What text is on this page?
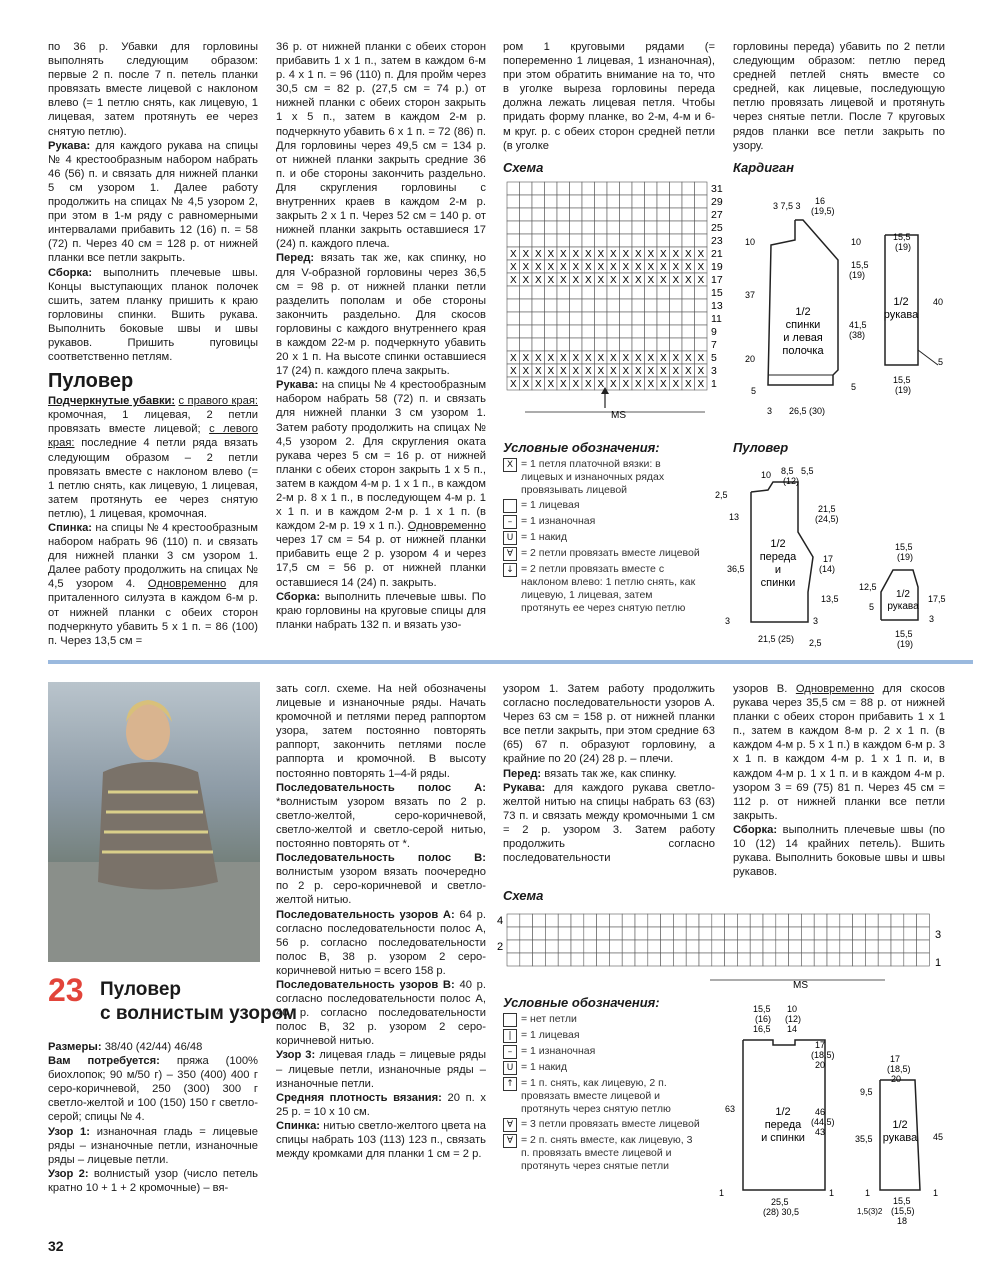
по 36 р. Убавки для горловины выполнять следующим образом: первые 2 п. после 7 п. петель планки провязать вместе лицевой с наклоном влево (= 1 петлю снять, как лицевую, 1 лицевая, затем протянуть ее через снятую петлю).

Рукава: для каждого рукава на спицы № 4 крестообразным набором набрать 46 (56) п. и связать для нижней планки 5 см узором 1. Далее работу продолжить на спицах № 4,5 узором 2, при этом в 1-м ряду с равномерными интервалами прибавить 12 (16) п. = 58 (72) п. Через 40 см = 128 р. от нижней планки все петли закрыть.

Сборка: выполнить плечевые швы. Концы выступающих планок полочек сшить, затем планку пришить к краю горловины спинки. Вшить рукава. Выполнить боковые швы и швы рукавов. Пришить пуговицы соответственно петлям.

Пуловер

Подчеркнутые убавки: с правого края: кромочная, 1 лицевая, 2 петли провязать вместе лицевой; с левого края: последние 4 петли ряда вязать следующим образом – 2 петли провязать вместе с наклоном влево (= 1 петлю снять, как лицевую, 1 лицевая, затем протянуть ее через снятую петлю), 1 лицевая, кромочная.

Спинка: на спицы № 4 крестообразным набором набрать 96 (110) п. и связать для нижней планки 3 см узором 1. Далее работу продолжить на спицах № 4,5 узором 4. Одновременно для приталенного силуэта в каждом 6-м р. от нижней планки с обеих сторон подчеркнуто убавить 5 х 1 п. = 86 (100) п. Через 13,5 см =

36 р. от нижней планки с обеих сторон прибавить 1 х 1 п., затем в каждом 6-м р. 4 х 1 п. = 96 (110) п. Для пройм через 30,5 см = 82 р. (27,5 см = 74 р.) от нижней планки с обеих сторон закрыть 1 х 5 п., затем в каждом 2-м р. подчеркнуто убавить 6 х 1 п. = 72 (86) п. Для горловины через 49,5 см = 134 р. от нижней планки закрыть средние 36 п. и обе стороны закончить раздельно. Для скругления горловины с внутренних краев в каждом 2-м р. закрыть 2 х 1 п. Через 52 см = 140 р. от нижней планки закрыть оставшиеся 17 (24) п. каждого плеча.

Перед: вязать так же, как спинку, но для V-образной горловины через 36,5 см = 98 р. от нижней планки петли разделить пополам и обе стороны закончить раздельно. Для скосов горловины с каждого внутреннего края в каждом 22-м р. подчеркнуто убавить 20 х 1 п. На высоте спинки оставшиеся 17 (24) п. каждого плеча закрыть.

Рукава: на спицы № 4 крестообразным набором набрать 58 (72) п. и связать для нижней планки 3 см узором 1. Затем работу продолжить на спицах № 4,5 узором 2. Для скругления оката рукава через 5 см = 16 р. от нижней планки с обеих сторон закрыть 1 х 5 п., затем в каждом 4-м р. 1 х 1 п., в каждом 2-м р. 8 х 1 п., в последующем 4-м р. 1 х 1 п. и в каждом 2-м р. 1 х 1 п. (в каждом 2-м р. 19 х 1 п.). Одновременно через 17 см = 54 р. от нижней планки прибавить еще 2 р. узором 4 и через 17,5 см = 56 р. от нижней планки оставшиеся 14 (24) п. закрыть.

Сборка: выполнить плечевые швы. По краю горловины на круговые спицы для планки набрать 132 п. и вязать узо-

ром 1 круговыми рядами (= попеременно 1 лицевая, 1 изнаночная), при этом обратить внимание на то, что в уголке выреза горловины переда должна лежать лицевая петля. Чтобы придать форму планке, во 2-м, 4-м и 6-м круг. р. с обеих сторон средней петли (в уголке

горловины переда) убавить по 2 петли следующим образом: петлю перед средней петлей снять вместе со средней, как лицевые, последующую петлю провязать лицевой и протянуть через снятые петли. После 7 круговых рядов планки все петли закрыть по узору.

Схема
X X X X X X X X X X X X X X X X
X X X X X X X X X X X X X X X X
X X X X X X X X X X X X X X X X
X X X X X X X X X X X X X X X X
X X X X X X X X X X X X X X X X
X X X X X X X X X X X X X X X X
31
29
27
25
23
21
19
17
15
13
11
9
7
5
3
1
MS
Условные обозначения:
X = 1 петля платочной вязки: в лицевых и изнаночных рядах провязывать лицевой
= 1 лицевая
– = 1 изнаночная
U = 1 накид
∀ = 2 петли провязать вместе лицевой
↓ = 2 петли провязать вместе с наклоном влево: 1 петлю снять, как лицевую, 1 лицевая, затем протянуть ее через снятую петлю
Кардиган
1/2 спинки и левая полочка
3 7,5 3 16
(19,5)
10	10
15,5
(19)
37
41,5
(38)
20
5	5
3 26,5 (30)
1/2 рукава
15,5
(19)
40
5
15,5
(19)
Пуловер
1/2 переда и спинки
10 8,5
(12)
5,5
2,5
13
21,5
(24,5)
36,5
17
(14)
13,5
3	3
21,5 (25) 2,5
1/2 рукава
15,5
(19)
12,5
5
17,5
3
15,5
(19)
23 Пуловер
с волнистым узором

Размеры: 38/40 (42/44) 46/48

Вам потребуется: пряжа (100% биохлопок; 90 м/50 г) – 350 (400) 400 г серо-коричневой, 250 (300) 300 г светло-желтой и 100 (150) 150 г светло-серой; спицы № 4.

Узор 1: изнаночная гладь = лицевые ряды – изнаночные петли, изнаночные ряды – лицевые петли.

Узор 2: волнистый узор (число петель кратно 10 + 1 + 2 кромочные) – вя-

зать согл. схеме. На ней обозначены лицевые и изнаночные ряды. Начать кромочной и петлями перед раппортом узора, затем постоянно повторять раппорт, закончить петлями после раппорта и кромочной. В высоту постоянно повторять 1–4-й ряды.

Последовательность полос А: *волнистым узором вязать по 2 р. светло-желтой, серо-коричневой, светло-желтой и светло-серой нитью, постоянно повторять от *.

Последовательность полос В: волнистым узором вязать поочередно по 2 р. серо-коричневой и светло-желтой нитью.

Последовательность узоров А: 64 р. согласно последовательности полос А, 56 р. согласно последовательности полос В, 38 р. узором 2 серо-коричневой нитью = всего 158 р.

Последовательность узоров В: 40 р. согласно последовательности полос А, 40 р. согласно последовательности полос В, 32 р. узором 2 серо-коричневой нитью.

Узор 3: лицевая гладь = лицевые ряды – лицевые петли, изнаночные ряды – изнаночные петли.

Средняя плотность вязания: 20 п. х 25 р. = 10 х 10 см.

Спинка: нитью светло-желтого цвета на спицы набрать 103 (113) 123 п., связать между кромками для планки 1 см = 2 р.

узором 1. Затем работу продолжить согласно последовательности узоров А. Через 63 см = 158 р. от нижней планки все петли закрыть, при этом средние 63 (65) 67 п. образуют горловину, а крайние по 20 (24) 28 р. – плечи.

Перед: вязать так же, как спинку.

Рукава: для каждого рукава светло-желтой нитью на спицы набрать 63 (63) 73 п. и связать между кромочными 1 см = 2 р. узором 3. Затем работу продолжить согласно последовательности

узоров В. Одновременно для скосов рукава через 35,5 см = 88 р. от нижней планки с обеих сторон прибавить 1 х 1 п., затем в каждом 8-м р. 2 х 1 п. (в каждом 4-м р. 5 х 1 п.) в каждом 6-м р. 3 х 1 п. в каждом 4-м р. 1 х 1 п. и, в каждом 4-м р. 1 х 1 п. и в каждом 4-м р. узором 3 = 69 (75) 81 п. Через 45 см = 112 р. от нижней планки все петли закрыть.

Сборка: выполнить плечевые швы (по 10 (12) 14 крайних петель). Вшить рукава. Выполнить боковые швы и швы рукавов.

Схема
4
2
3
1
MS
Условные обозначения:
= нет петли
| = 1 лицевая
– = 1 изнаночная
U = 1 накид
↑ = 1 п. снять, как лицевую, 2 п. провязать вместе лицевой и протянуть через снятую петлю
∀ = 3 петли провязать вместе лицевой
∀ = 2 п. снять вместе, как лицевую, 3 п. провязать вместе лицевой и протянуть через снятые петли
1/2 переда и спинки
15,5
(16)
16,5
10
(12)
14
63
17
(18,5)
20
46
(44,5)
43
1
25,5
(28) 30,5
1
1/2 рукава
17
(18,5)
20
9,5
35,5	45
1
15,5
(15,5)
18
1,5(3)2
1
32
